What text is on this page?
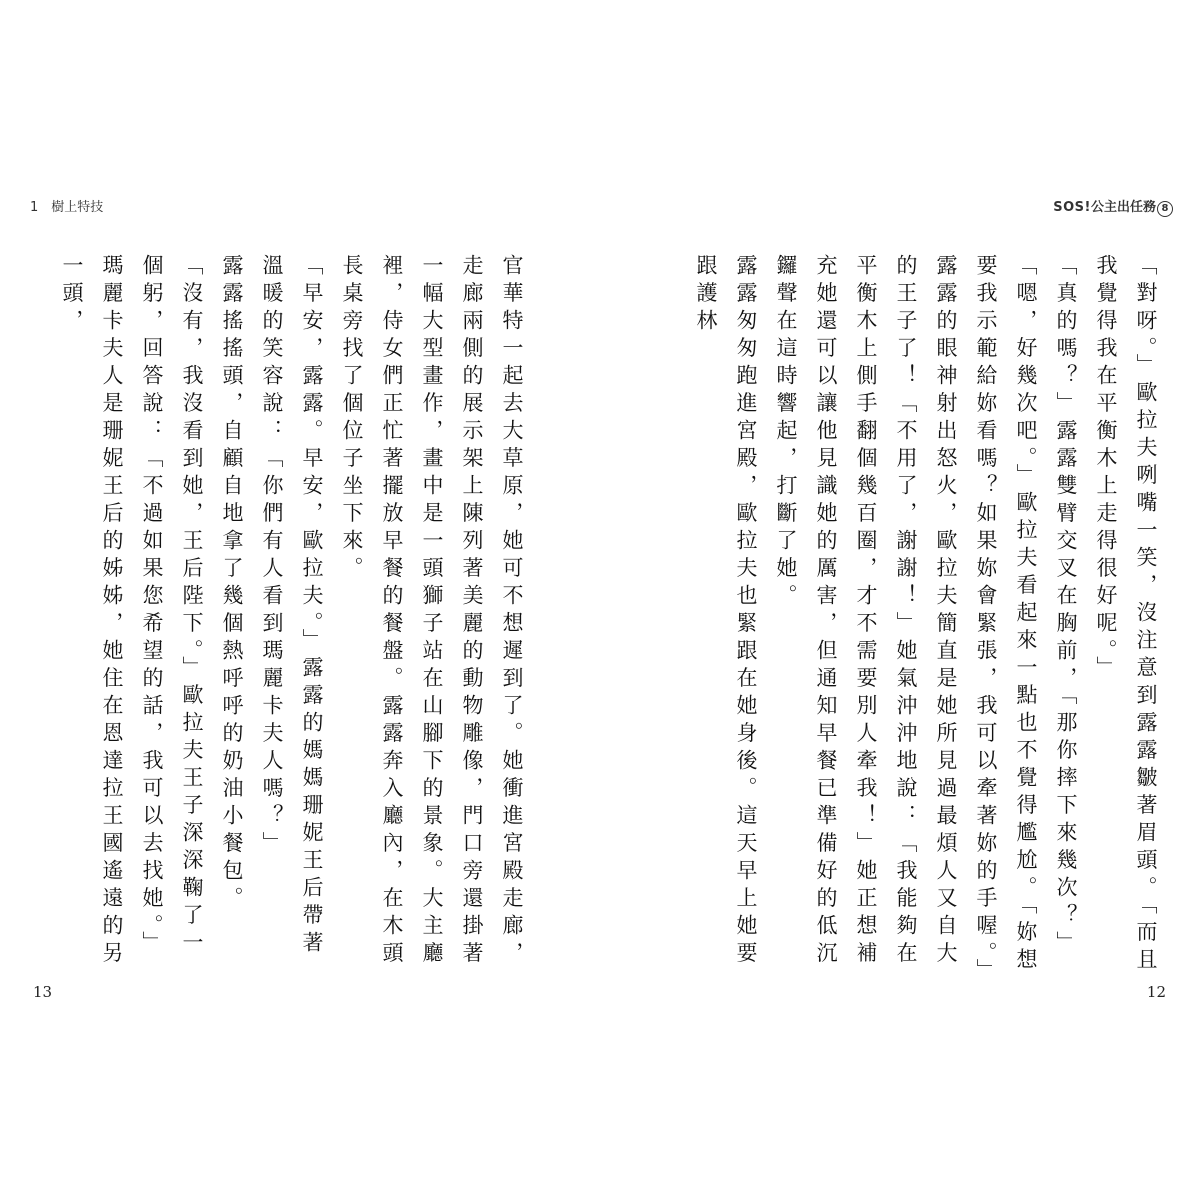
1　樹上特技

官華特一起去大草原，她可不想遲到了。她衝進宮殿走廊，走廊兩側的展示架上陳列著美麗的動物雕像，門口旁還掛著一幅大型畫作，畫中是一頭獅子站在山腳下的景象。大主廳裡，侍女們正忙著擺放早餐的餐盤。露露奔入廳內，在木頭長桌旁找了個位子坐下來。

「早安，露露。早安，歐拉夫。」露露的媽媽珊妮王后帶著溫暖的笑容說：「你們有人看到瑪麗卡夫人嗎？」

露露搖搖頭，自顧自地拿了幾個熱呼呼的奶油小餐包。

「沒有，我沒看到她，王后陛下。」歐拉夫王子深深鞠了一個躬，回答說：「不過如果您希望的話，我可以去找她。」

瑪麗卡夫人是珊妮王后的姊姊，她住在恩達拉王國遙遠的另一頭，

13
SOS!公主出任務 8

「對呀。」歐拉夫咧嘴一笑，沒注意到露露皺著眉頭。「而且我覺得我在平衡木上走得很好呢。」

「真的嗎？」露露雙臂交叉在胸前，「那你摔下來幾次？」

「嗯，好幾次吧。」歐拉夫看起來一點也不覺得尷尬。「妳想要我示範給妳看嗎？如果妳會緊張，我可以牽著妳的手喔。」

露露的眼神射出怒火，歐拉夫簡直是她所見過最煩人又自大的王子了！「不用了，謝謝！」她氣沖沖地說：「我能夠在平衡木上側手翻個幾百圈，才不需要別人牽我！」她正想補充她還可以讓他見識她的厲害，但通知早餐已準備好的低沉鑼聲在這時響起，打斷了她。

露露匆匆跑進宮殿，歐拉夫也緊跟在她身後。這天早上她要跟護林

12
